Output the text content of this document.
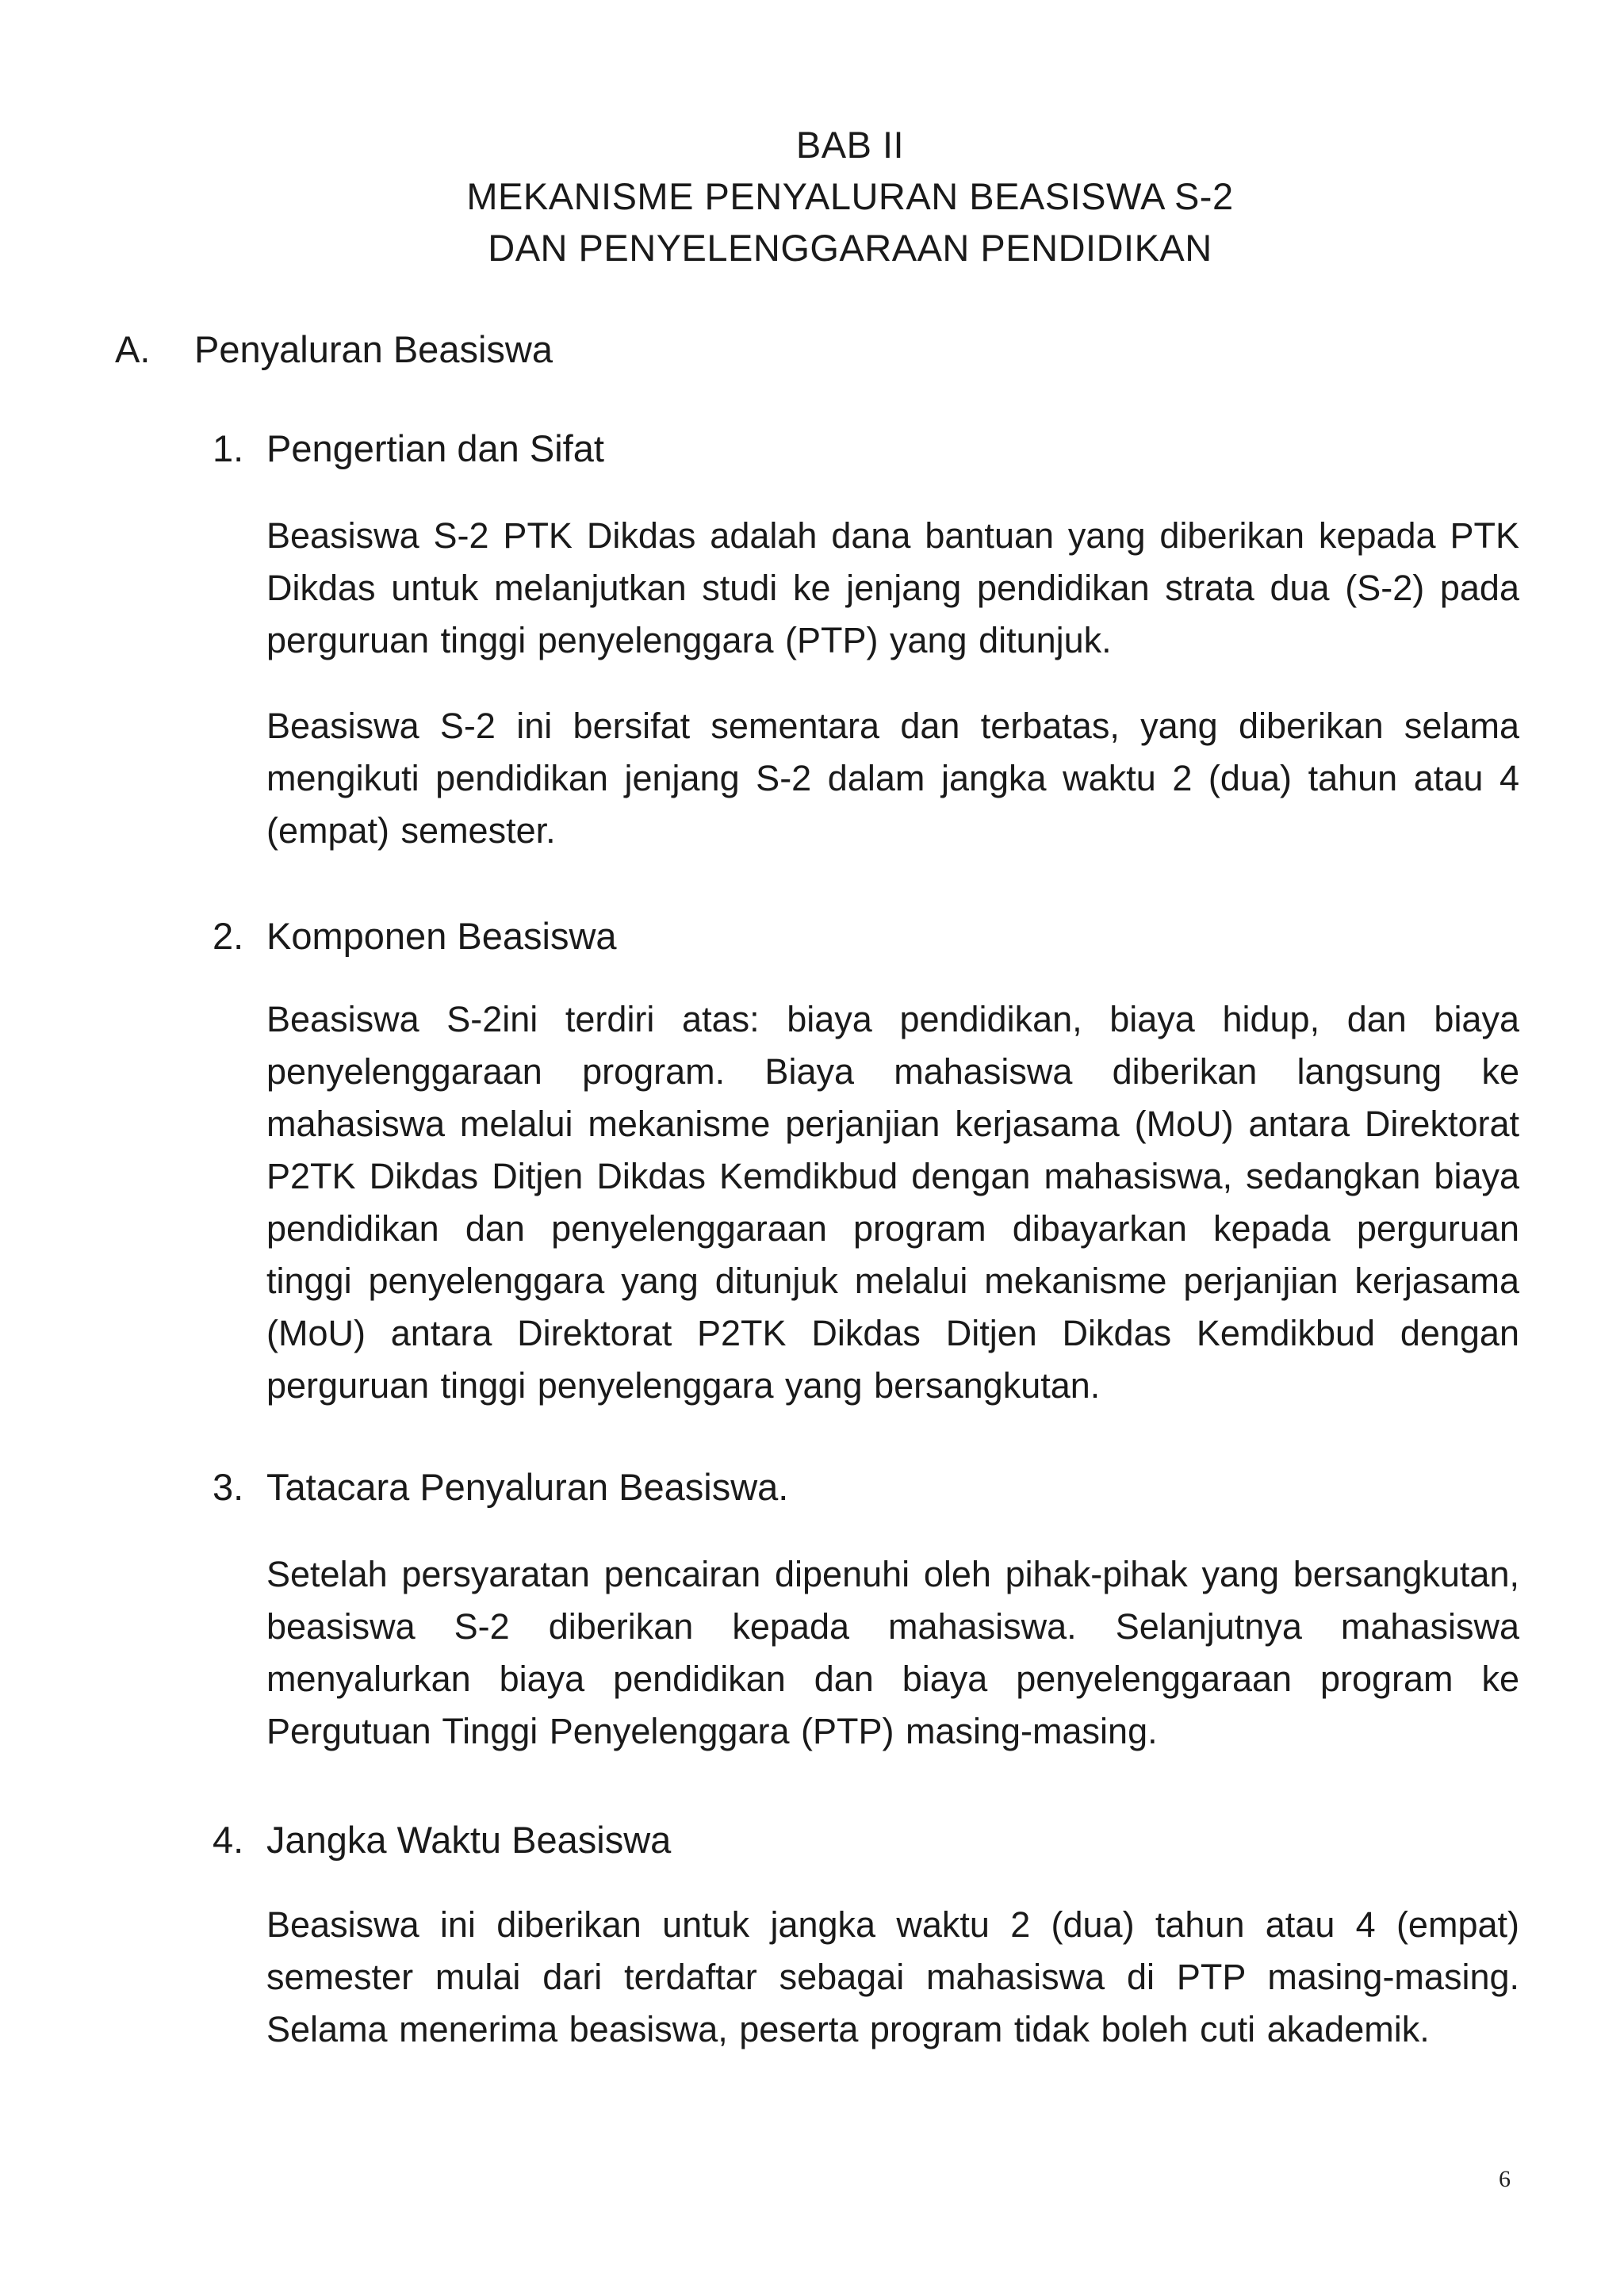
BAB II
MEKANISME PENYALURAN BEASISWA S-2
DAN PENYELENGGARAAN PENDIDIKAN
A. Penyaluran Beasiswa
1. Pengertian dan Sifat
Beasiswa S-2 PTK Dikdas adalah dana bantuan yang diberikan kepada PTK Dikdas untuk melanjutkan studi ke jenjang pendidikan strata dua (S-2) pada perguruan tinggi penyelenggara (PTP) yang ditunjuk.
Beasiswa S-2 ini bersifat sementara dan terbatas, yang diberikan selama mengikuti pendidikan jenjang S-2 dalam jangka waktu 2 (dua) tahun atau 4 (empat) semester.
2. Komponen Beasiswa
Beasiswa S-2ini terdiri atas: biaya pendidikan, biaya hidup, dan biaya penyelenggaraan program. Biaya mahasiswa diberikan langsung ke mahasiswa melalui mekanisme perjanjian kerjasama (MoU) antara Direktorat P2TK Dikdas Ditjen Dikdas Kemdikbud dengan mahasiswa, sedangkan biaya pendidikan dan penyelenggaraan program dibayarkan kepada perguruan tinggi penyelenggara yang ditunjuk melalui mekanisme perjanjian kerjasama (MoU) antara Direktorat P2TK Dikdas Ditjen Dikdas Kemdikbud dengan perguruan tinggi penyelenggara yang bersangkutan.
3. Tatacara Penyaluran Beasiswa.
Setelah persyaratan pencairan dipenuhi oleh pihak-pihak yang bersangkutan, beasiswa S-2 diberikan kepada mahasiswa. Selanjutnya mahasiswa menyalurkan biaya pendidikan dan biaya penyelenggaraan program ke Pergutuan Tinggi Penyelenggara (PTP) masing-masing.
4. Jangka Waktu Beasiswa
Beasiswa ini diberikan untuk jangka waktu 2 (dua) tahun atau 4 (empat) semester mulai dari terdaftar sebagai mahasiswa di PTP masing-masing. Selama menerima beasiswa, peserta program tidak boleh cuti akademik.
6
